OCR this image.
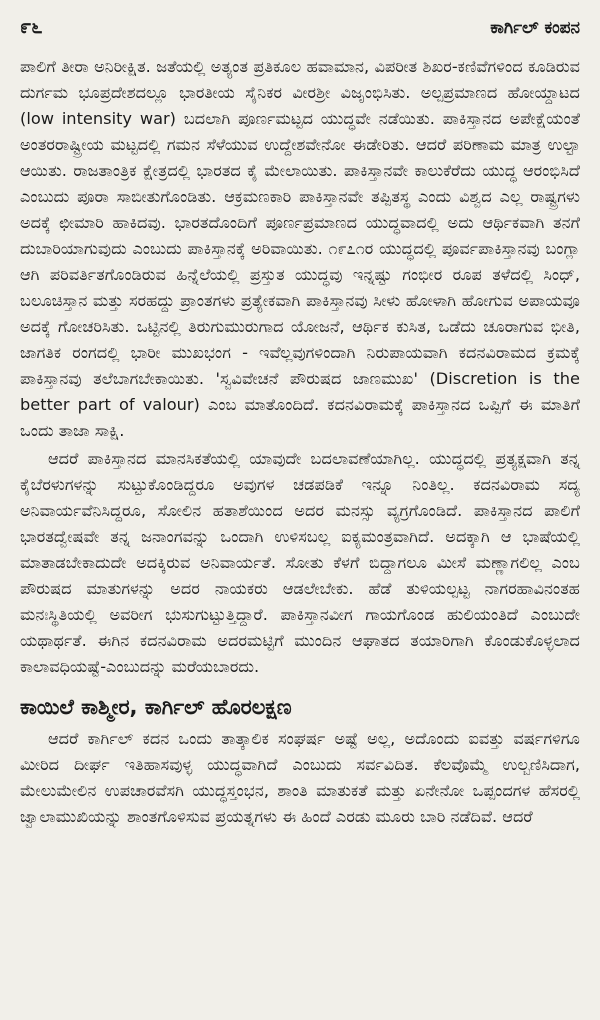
೯೬	ಕಾರ್ಗಿಲ್ ಕಂಪನ

ಪಾಲಿಗೆ ತೀರಾ ಅನಿರೀಕ್ಷಿತ. ಜತೆಯಲ್ಲಿ ಅತ್ಯಂತ ಪ್ರತಿಕೂಲ ಹವಾಮಾನ, ವಿಪರೀತ ಶಿಖರ-ಕಣಿವೆಗಳಿಂದ ಕೂಡಿರುವ ದುರ್ಗಮ ಭೂಪ್ರದೇಶದಲ್ಲೂ ಭಾರತೀಯ ಸೈನಿಕರ ವೀರಶ್ರೀ ವಿಜೃಂಭಿಸಿತು. ಅಲ್ಪಪ್ರಮಾಣದ ಹೋಯ್ದಾಟದ (low intensity war) ಬದಲಾಗಿ ಪೂರ್ಣಮಟ್ಟದ ಯುದ್ಧವೇ ನಡೆಯಿತು. ಪಾಕಿಸ್ತಾನದ ಅಪೇಕ್ಷೆಯಂತೆ ಅಂತರರಾಷ್ಟ್ರೀಯ ಮಟ್ಟದಲ್ಲಿ ಗಮನ ಸೆಳೆಯುವ ಉದ್ದೇಶವೇನೋ ಈಡೇರಿತು. ಆದರೆ ಪರಿಣಾಮ ಮಾತ್ರ ಉಲ್ಟಾ ಆಯಿತು. ರಾಜತಾಂತ್ರಿಕ ಕ್ಷೇತ್ರದಲ್ಲಿ ಭಾರತದ ಕೈ ಮೇಲಾಯಿತು. ಪಾಕಿಸ್ತಾನವೇ ಕಾಲುಕೆರೆದು ಯುದ್ಧ ಆರಂಭಿಸಿದೆ ಎಂಬುದು ಪೂರಾ ಸಾಬೀತುಗೊಂಡಿತು. ಆಕ್ರಮಣಕಾರಿ ಪಾಕಿಸ್ತಾನವೇ ತಪ್ಪಿತಸ್ಥ ಎಂದು ವಿಶ್ವದ ಎಲ್ಲ ರಾಷ್ಟ್ರಗಳು ಅದಕ್ಕೆ ಛೀಮಾರಿ ಹಾಕಿದವು. ಭಾರತದೊಂದಿಗೆ ಪೂರ್ಣಪ್ರಮಾಣದ ಯುದ್ಧವಾದಲ್ಲಿ ಅದು ಆರ್ಥಿಕವಾಗಿ ತನಗೆ ದುಬಾರಿಯಾಗುವುದು ಎಂಬುದು ಪಾಕಿಸ್ತಾನಕ್ಕೆ ಅರಿವಾಯಿತು. ೧೯೭೧ರ ಯುದ್ಧದಲ್ಲಿ ಪೂರ್ವಪಾಕಿಸ್ತಾನವು ಬಂಗ್ಲಾ ಆಗಿ ಪರಿವರ್ತಿತಗೊಂಡಿರುವ ಹಿನ್ನೆಲೆಯಲ್ಲಿ ಪ್ರಸ್ತುತ ಯುದ್ಧವು ಇನ್ನಷ್ಟು ಗಂಭೀರ ರೂಪ ತಳೆದಲ್ಲಿ ಸಿಂಧ್, ಬಲೂಚಿಸ್ತಾನ ಮತ್ತು ಸರಹದ್ದು ಪ್ರಾಂತಗಳು ಪ್ರತ್ಯೇಕವಾಗಿ ಪಾಕಿಸ್ತಾನವು ಸೀಳು ಹೋಳಾಗಿ ಹೋಗುವ ಅಪಾಯವೂ ಅದಕ್ಕೆ ಗೋಚರಿಸಿತು. ಒಟ್ಟಿನಲ್ಲಿ ತಿರುಗುಮುರುಗಾದ ಯೋಜನೆ, ಆರ್ಥಿಕ ಕುಸಿತ, ಒಡೆದು ಚೂರಾಗುವ ಭೀತಿ, ಜಾಗತಿಕ ರಂಗದಲ್ಲಿ ಭಾರೀ ಮುಖಭಂಗ - ಇವೆಲ್ಲವುಗಳಿಂದಾಗಿ ನಿರುಪಾಯವಾಗಿ ಕದನವಿರಾಮದ ಕ್ರಮಕ್ಕೆ ಪಾಕಿಸ್ತಾನವು ತಲೆಬಾಗಬೇಕಾಯಿತು. 'ಸ್ವವಿವೇಚನೆ ಪೌರುಷದ ಜಾಣಮುಖ' (Discretion is the better part of valour) ಎಂಬ ಮಾತೊಂದಿದೆ. ಕದನವಿರಾಮಕ್ಕೆ ಪಾಕಿಸ್ತಾನದ ಒಪ್ಪಿಗೆ ಈ ಮಾತಿಗೆ ಒಂದು ತಾಜಾ ಸಾಕ್ಷಿ.

ಆದರೆ ಪಾಕಿಸ್ತಾನದ ಮಾನಸಿಕತೆಯಲ್ಲಿ ಯಾವುದೇ ಬದಲಾವಣೆಯಾಗಿಲ್ಲ. ಯುದ್ಧದಲ್ಲಿ ಪ್ರತ್ಯಕ್ಷವಾಗಿ ತನ್ನ ಕೈಬೆರಳುಗಳನ್ನು ಸುಟ್ಟುಕೊಂಡಿದ್ದರೂ ಅವುಗಳ ಚಡಪಡಿಕೆ ಇನ್ನೂ ನಿಂತಿಲ್ಲ. ಕದನವಿರಾಮ ಸದ್ಯ ಅನಿವಾರ್ಯವೆನಿಸಿದ್ದರೂ, ಸೋಲಿನ ಹತಾಶೆಯಿಂದ ಅದರ ಮನಸ್ಸು ವ್ಯಗ್ರಗೊಂಡಿದೆ. ಪಾಕಿಸ್ತಾನದ ಪಾಲಿಗೆ ಭಾರತದ್ವೇಷವೇ ತನ್ನ ಜನಾಂಗವನ್ನು ಒಂದಾಗಿ ಉಳಿಸಬಲ್ಲ ಐಕ್ಯಮಂತ್ರವಾಗಿದೆ. ಅದಕ್ಕಾಗಿ ಆ ಭಾಷೆಯಲ್ಲಿ ಮಾತಾಡಬೇಕಾದುದೇ ಅದಕ್ಕಿರುವ ಅನಿವಾರ್ಯತೆ. ಸೋತು ಕೆಳಗೆ ಬಿದ್ದಾಗಲೂ ಮೀಸೆ ಮಣ್ಣಾಗಲಿಲ್ಲ ಎಂಬ ಪೌರುಷದ ಮಾತುಗಳನ್ನು ಅದರ ನಾಯಕರು ಆಡಲೇಬೇಕು. ಹೆಡೆ ತುಳಿಯಲ್ಪಟ್ಟ ನಾಗರಹಾವಿನಂತಹ ಮನಃಸ್ಥಿತಿಯಲ್ಲಿ ಅವರೀಗ ಭುಸುಗುಟ್ಟುತ್ತಿದ್ದಾರೆ. ಪಾಕಿಸ್ತಾನವೀಗ ಗಾಯಗೊಂಡ ಹುಲಿಯಂತಿದೆ ಎಂಬುದೇ ಯಥಾರ್ಥತೆ. ಈಗಿನ ಕದನವಿರಾಮ ಅದರಮಟ್ಟಿಗೆ ಮುಂದಿನ ಆಘಾತದ ತಯಾರಿಗಾಗಿ ಕೊಂಡುಕೊಳ್ಳಲಾದ ಕಾಲಾವಧಿಯಷ್ಟೆ-ಎಂಬುದನ್ನು ಮರೆಯಬಾರದು.

ಕಾಯಿಲೆ ಕಾಶ್ಮೀರ, ಕಾರ್ಗಿಲ್ ಹೊರಲಕ್ಷಣ

ಆದರೆ ಕಾರ್ಗಿಲ್ ಕದನ ಒಂದು ತಾತ್ಕಾಲಿಕ ಸಂಘರ್ಷ ಅಷ್ಟೆ ಅಲ್ಲ, ಅದೊಂದು ಐವತ್ತು ವರ್ಷಗಳಿಗೂ ಮೀರಿದ ದೀರ್ಘ ಇತಿಹಾಸವುಳ್ಳ ಯುದ್ಧವಾಗಿದೆ ಎಂಬುದು ಸರ್ವವಿದಿತ. ಕೆಲವೊಮ್ಮೆ ಉಲ್ಬಣಿಸಿದಾಗ, ಮೇಲುಮೇಲಿನ ಉಪಚಾರವೆಸಗಿ ಯುದ್ಧಸ್ತಂಭನ, ಶಾಂತಿ ಮಾತುಕತೆ ಮತ್ತು ಏನೇನೋ ಒಪ್ಪಂದಗಳ ಹೆಸರಲ್ಲಿ ಜ್ವಾಲಾಮುಖಿಯನ್ನು ಶಾಂತಗೊಳಿಸುವ ಪ್ರಯತ್ನಗಳು ಈ ಹಿಂದೆ ಎರಡು ಮೂರು ಬಾರಿ ನಡೆದಿವೆ. ಆದರೆ
